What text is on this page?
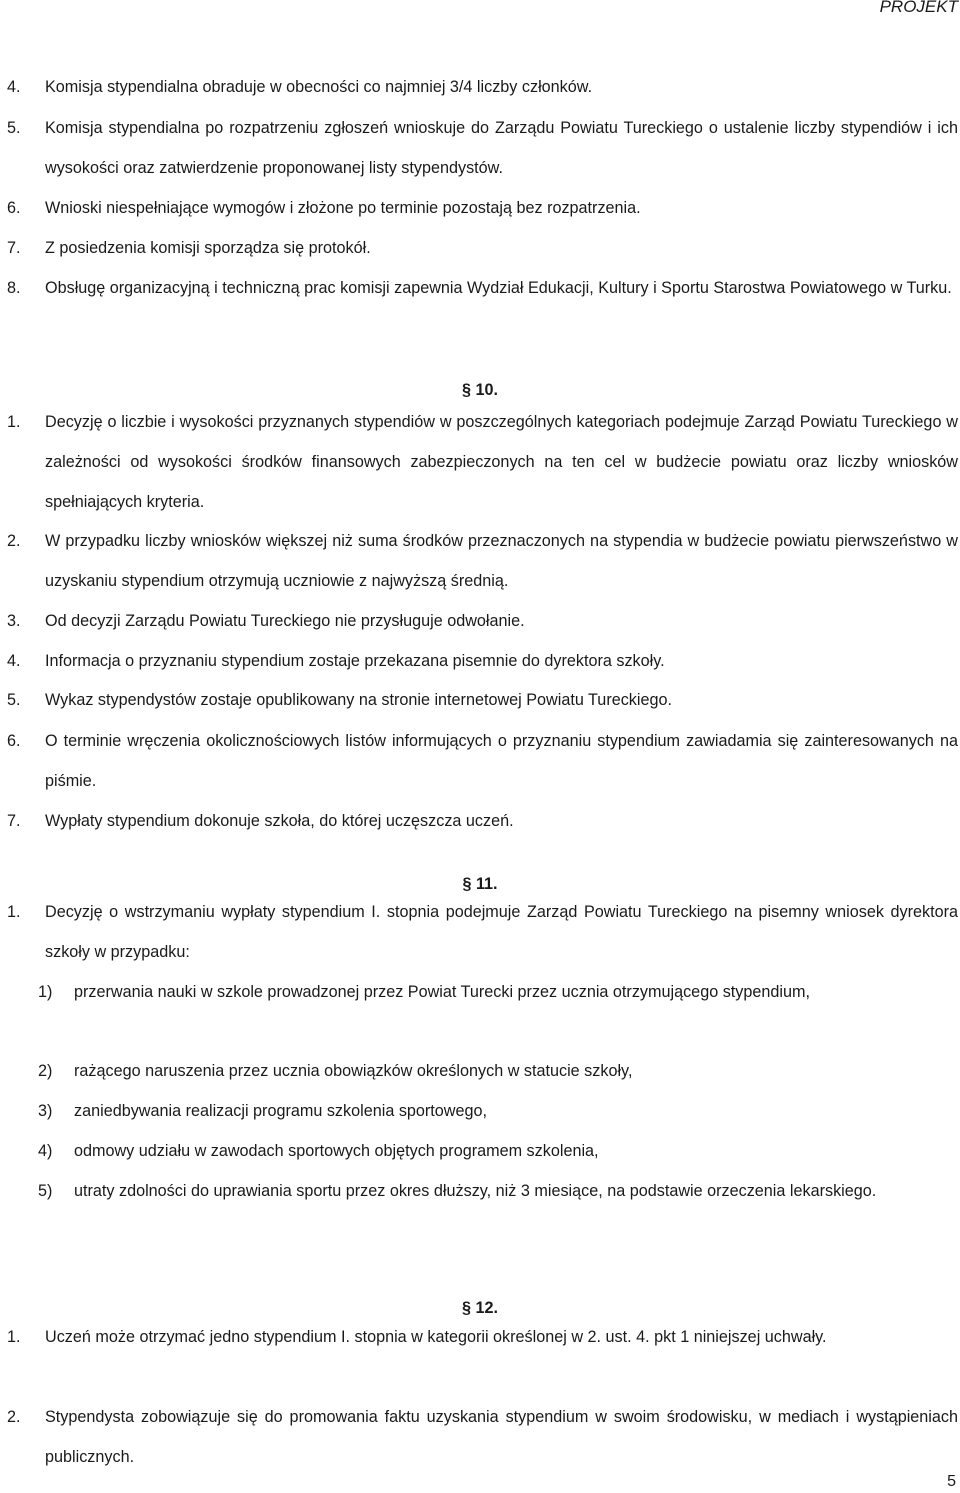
PROJEKT
4. Komisja stypendialna obraduje w obecności co najmniej 3/4 liczby członków.
5. Komisja stypendialna po rozpatrzeniu zgłoszeń wnioskuje do Zarządu Powiatu Tureckiego o ustalenie liczby stypendiów i ich wysokości oraz zatwierdzenie proponowanej listy stypendystów.
6. Wnioski niespełniające wymogów i złożone po terminie pozostają bez rozpatrzenia.
7. Z posiedzenia komisji sporządza się protokół.
8. Obsługę organizacyjną i techniczną prac komisji zapewnia Wydział Edukacji, Kultury i Sportu Starostwa Powiatowego w Turku.
§ 10.
1. Decyzję o liczbie i wysokości przyznanych stypendiów w poszczególnych kategoriach podejmuje Zarząd Powiatu Tureckiego w zależności od wysokości środków finansowych zabezpieczonych na ten cel w budżecie powiatu oraz liczby wniosków spełniających kryteria.
2. W przypadku liczby wniosków większej niż suma środków przeznaczonych na stypendia w budżecie powiatu pierwszeństwo w uzyskaniu stypendium otrzymują uczniowie z najwyższą średnią.
3. Od decyzji Zarządu Powiatu Tureckiego nie przysługuje odwołanie.
4. Informacja o przyznaniu stypendium zostaje przekazana pisemnie do dyrektora szkoły.
5. Wykaz stypendystów zostaje opublikowany na stronie internetowej Powiatu Tureckiego.
6. O terminie wręczenia okolicznościowych listów informujących o przyznaniu stypendium zawiadamia się zainteresowanych na piśmie.
7. Wypłaty stypendium dokonuje szkoła, do której uczęszcza uczeń.
§ 11.
1. Decyzję o wstrzymaniu wypłaty stypendium I. stopnia podejmuje Zarząd Powiatu Tureckiego na pisemny wniosek dyrektora szkoły w przypadku:
1) przerwania nauki w szkole prowadzonej przez Powiat Turecki przez ucznia otrzymującego stypendium,
2) rażącego naruszenia przez ucznia obowiązków określonych w statucie szkoły,
3) zaniedbywania realizacji programu szkolenia sportowego,
4) odmowy udziału w zawodach sportowych objętych programem szkolenia,
5) utraty zdolności do uprawiania sportu przez okres dłuższy, niż 3 miesiące, na podstawie orzeczenia lekarskiego.
§ 12.
1. Uczeń może otrzymać jedno stypendium I. stopnia w kategorii określonej w 2. ust. 4. pkt 1 niniejszej uchwały.
2. Stypendysta zobowiązuje się do promowania faktu uzyskania stypendium w swoim środowisku, w mediach i wystąpieniach publicznych.
5
